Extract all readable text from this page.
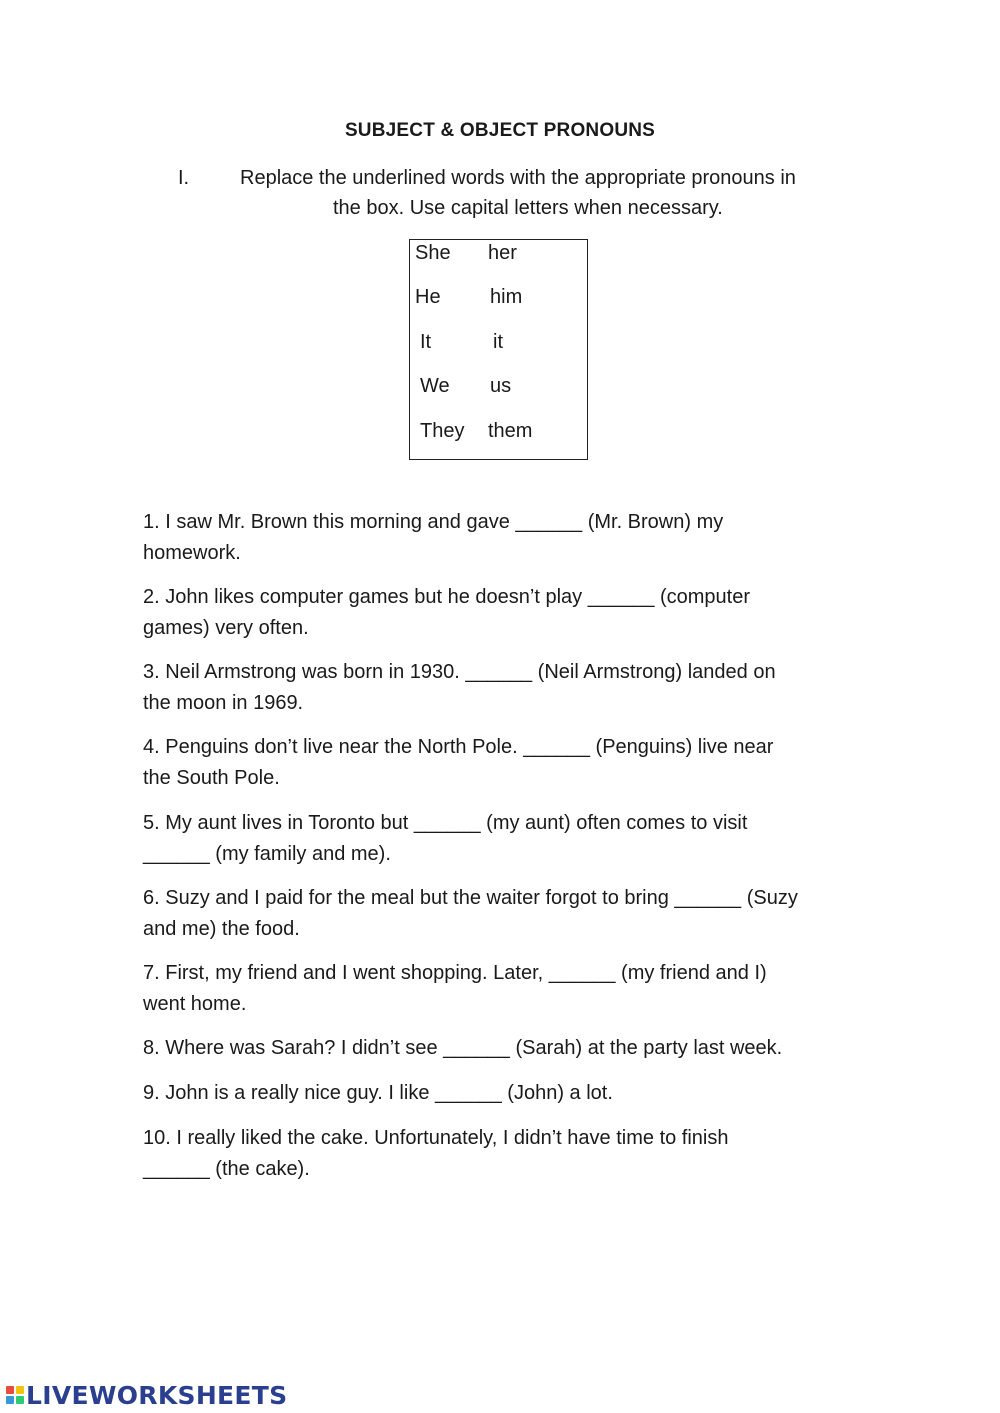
SUBJECT & OBJECT PRONOUNS
I.	Replace the underlined words with the appropriate pronouns in
the box. Use capital letters when necessary.
She her
He him
It	it
We us
They them
1. I saw Mr. Brown this morning and gave ______ (Mr. Brown) my
homework.
2. John likes computer games but he doesn’t play ______ (computer
games) very often.
3. Neil Armstrong was born in 1930. ______ (Neil Armstrong) landed on
the moon in 1969.
4. Penguins don’t live near the North Pole. ______ (Penguins) live near
the South Pole.
5. My aunt lives in Toronto but ______ (my aunt) often comes to visit
______ (my family and me).
6. Suzy and I paid for the meal but the waiter forgot to bring ______ (Suzy
and me) the food.
7. First, my friend and I went shopping. Later, ______ (my friend and I)
went home.
8. Where was Sarah? I didn’t see ______ (Sarah) at the party last week.
9. John is a really nice guy. I like ______ (John) a lot.
10. I really liked the cake. Unfortunately, I didn’t have time to finish
______ (the cake).
LIVEWORKSHEETS
